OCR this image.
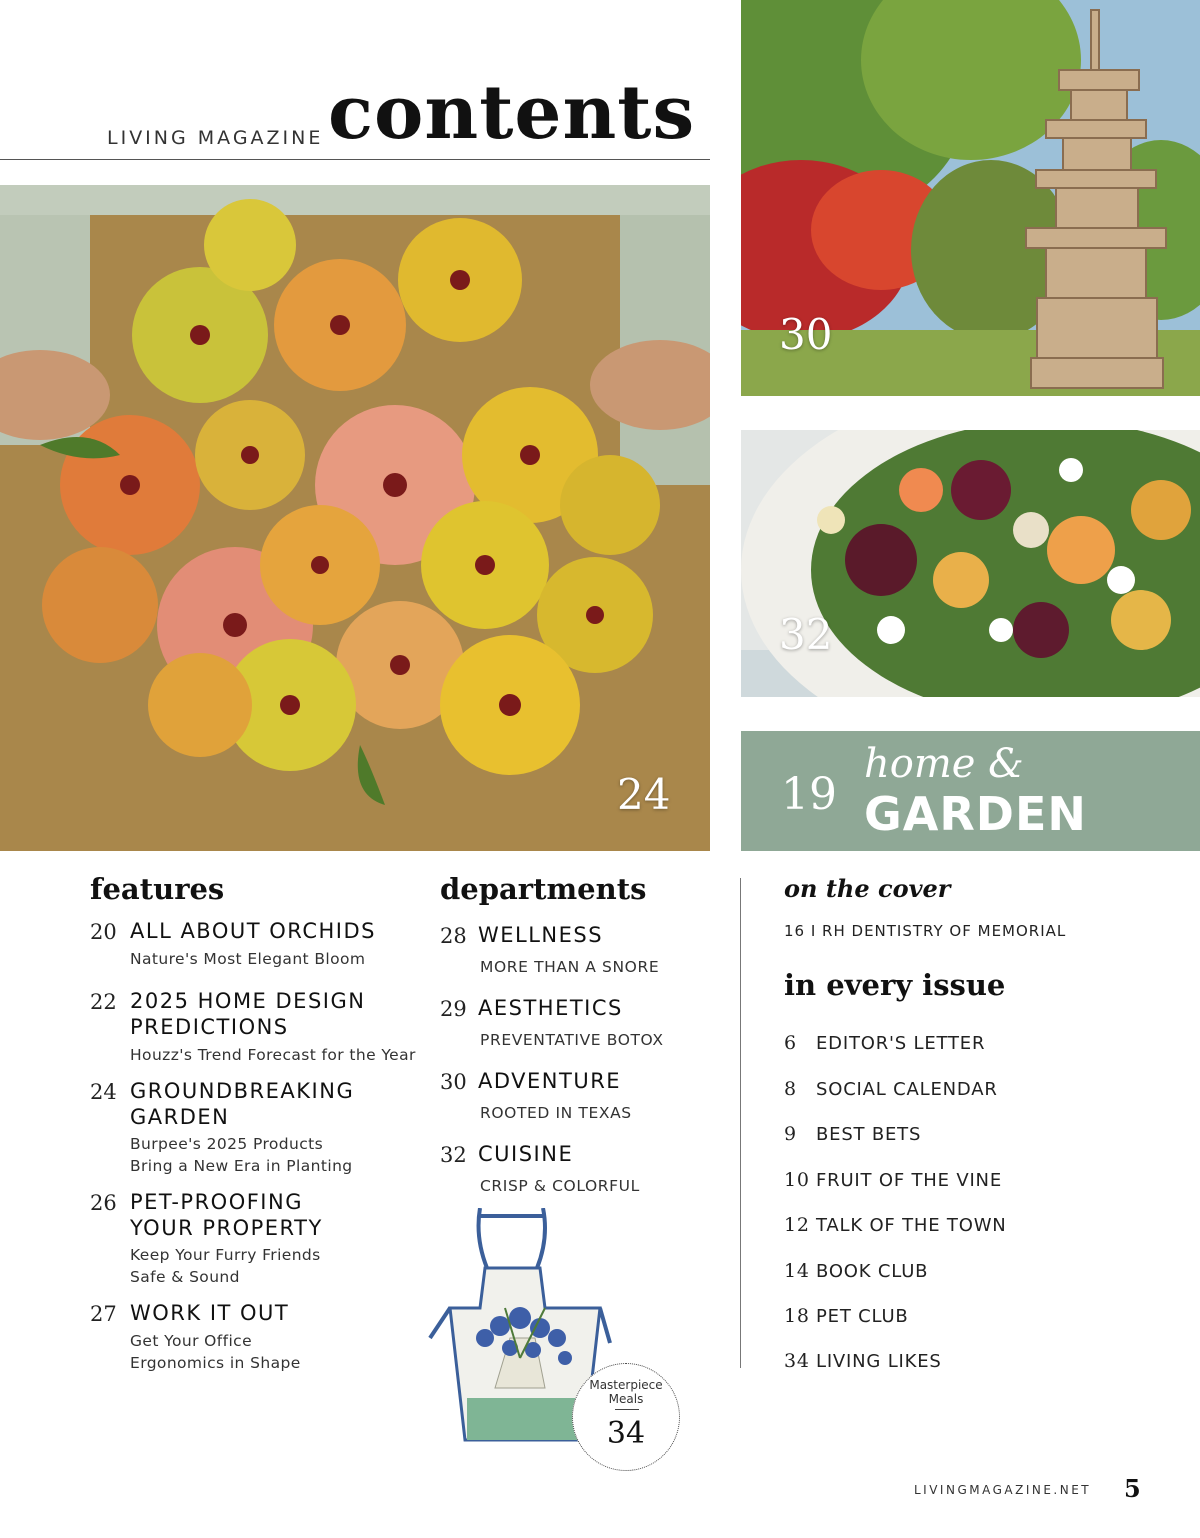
LIVING MAGAZINE contents
24
30
32
19
home &
GARDEN
features
20 ALL ABOUT ORCHIDS
Nature's Most Elegant Bloom
22 2025 HOME DESIGN
PREDICTIONS
Houzz's Trend Forecast for the Year
24 GROUNDBREAKING
GARDEN
Burpee's 2025 Products
Bring a New Era in Planting
26 PET-PROOFING
YOUR PROPERTY
Keep Your Furry Friends
Safe & Sound
27 WORK IT OUT
Get Your Office
Ergonomics in Shape
departments
28 WELLNESS
MORE THAN A SNORE
29 AESTHETICS
PREVENTATIVE BOTOX
30 ADVENTURE
ROOTED IN TEXAS
32 CUISINE
CRISP & COLORFUL
Masterpiece
Meals
34
on the cover
16 I RH DENTISTRY OF MEMORIAL
in every issue
6 EDITOR'S LETTER
8 SOCIAL CALENDAR
9 BEST BETS
10 FRUIT OF THE VINE
12 TALK OF THE TOWN
14 BOOK CLUB
18 PET CLUB
34 LIVING LIKES
LIVINGMAGAZINE.NET 5
